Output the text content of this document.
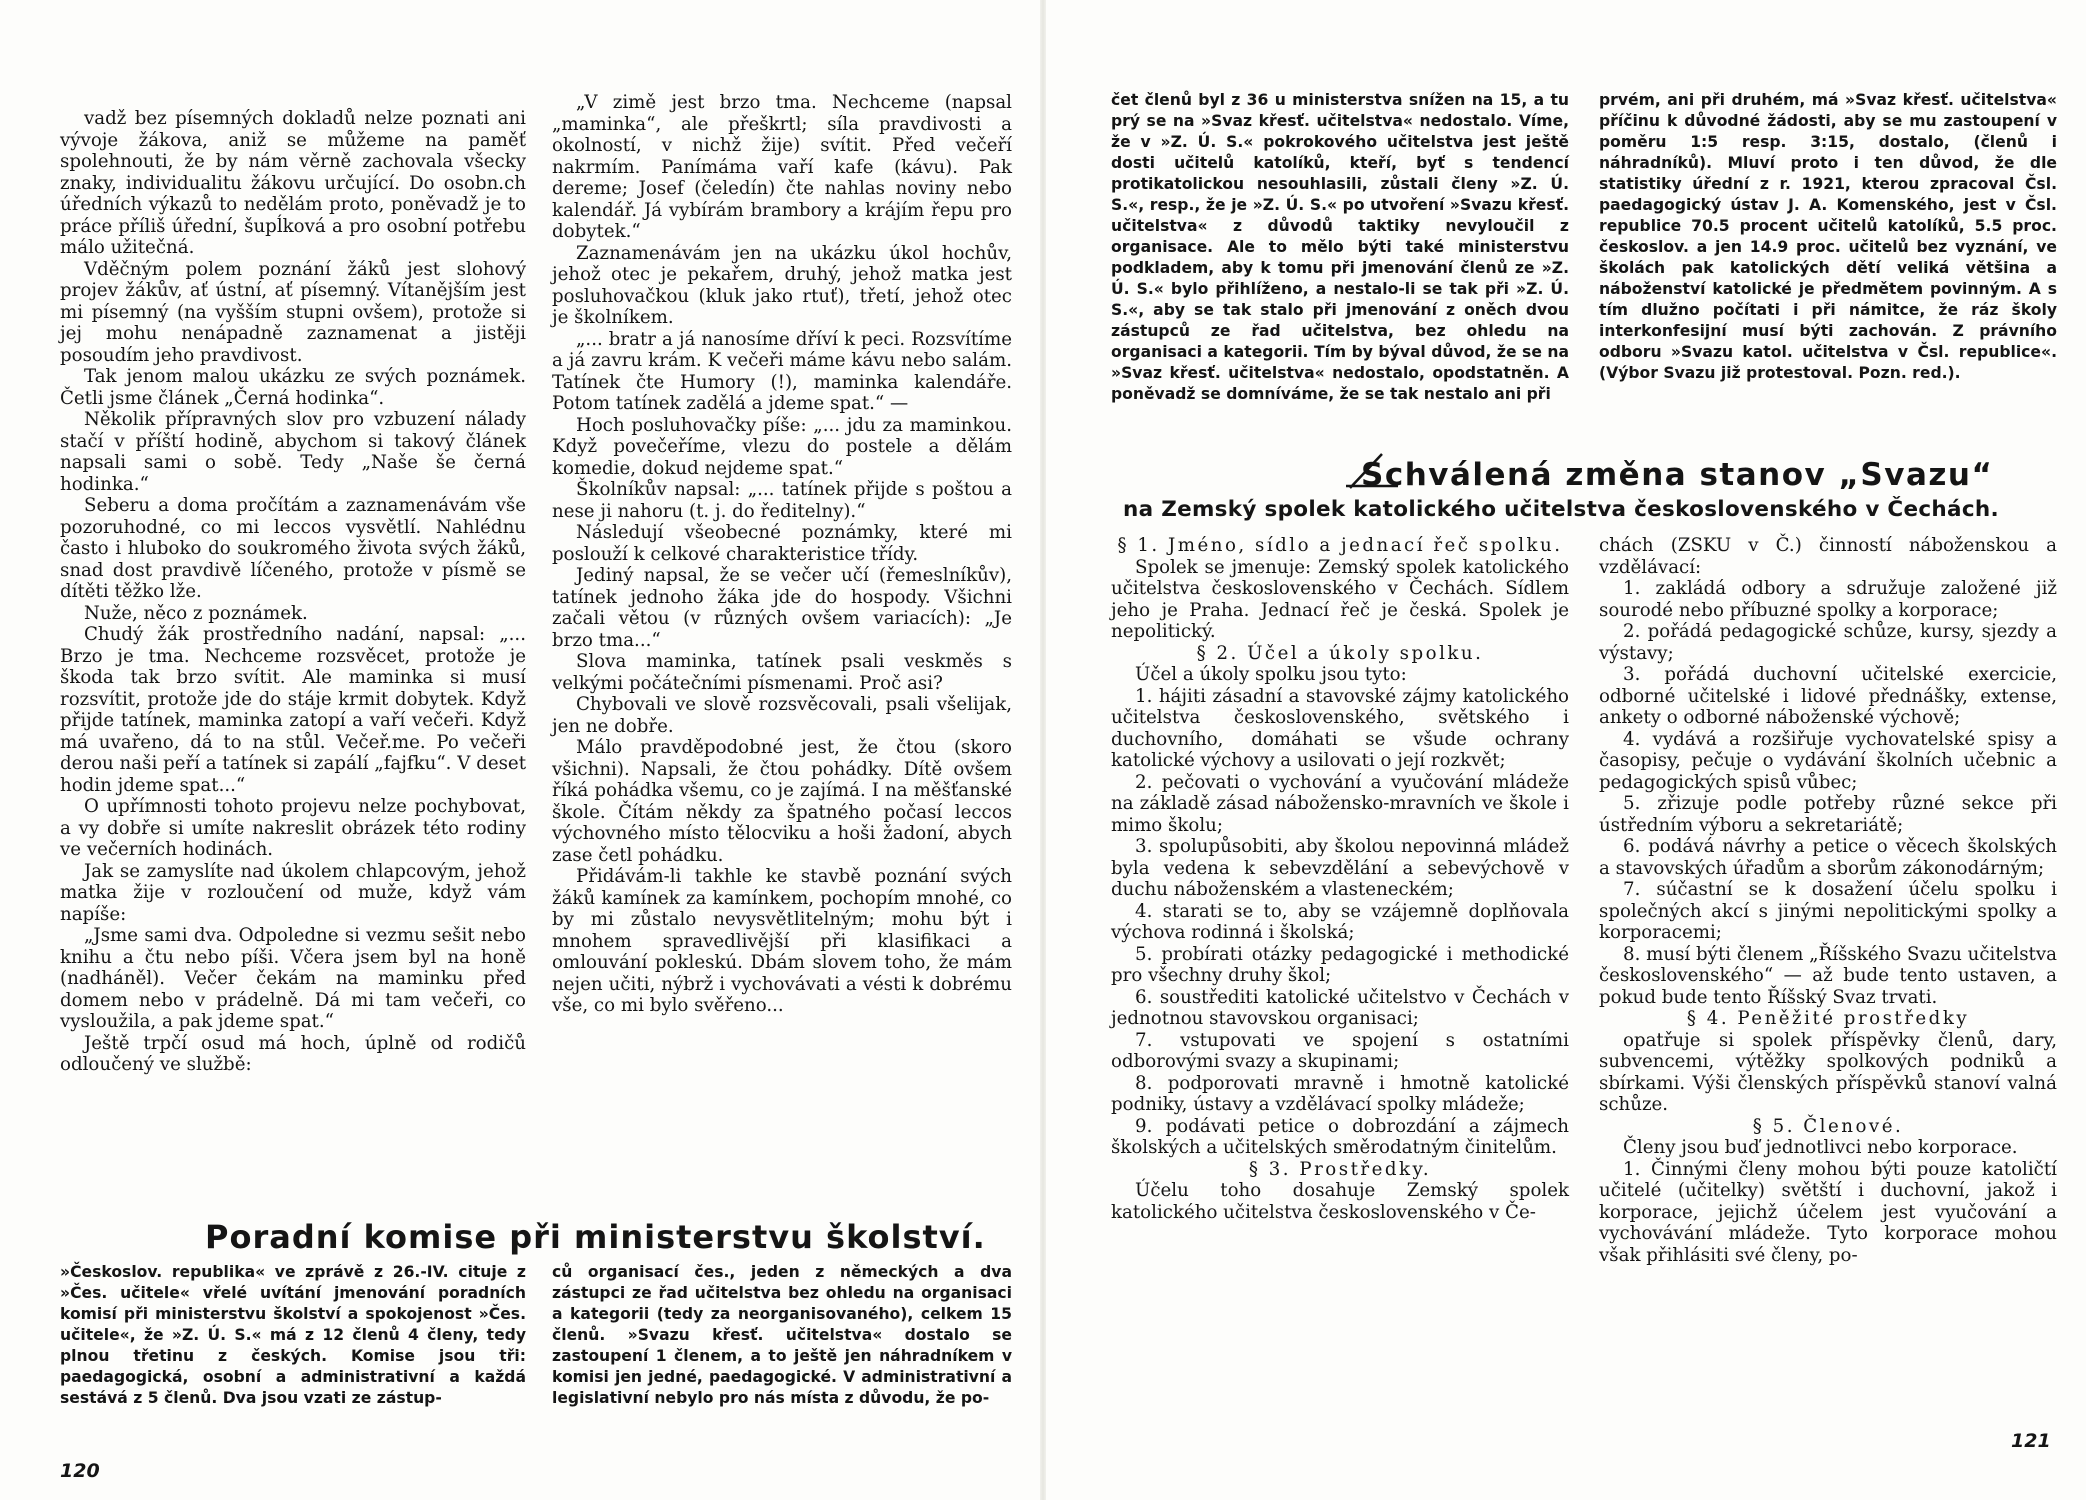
vadž bez písemných dokladů nelze poznati ani vývoje žákova, aniž se můžeme na paměť spolehnouti, že by nám věrně zachovala všecky znaky, individualitu žákovu určující. Do osobn.ch úředních výkazů to nedělám proto, poněvadž je to práce příliš úřední, šupĺková a pro osobní potřebu málo užitečná.

Vděčným polem poznání žáků jest slohový projev žákův, ať ústní, ať písemný. Vítanějším jest mi písemný (na vyšším stupni ovšem), protože si jej mohu nenápadně zaznamenat a jistěji posoudím jeho pravdivost.

Tak jenom malou ukázku ze svých poznámek. Četli jsme článek „Černá hodinka“.

Několik přípravných slov pro vzbuzení nálady stačí v příští hodině, abychom si takový článek napsali sami o sobě. Tedy „Naše še černá hodinka.“

Seberu a doma pročítám a zaznamenávám vše pozoruhodné, co mi leccos vysvětlí. Nahlédnu často i hluboko do soukromého života svých žáků, snad dost pravdivě líčeného, protože v písmě se dítěti těžko lže.

Nuže, něco z poznámek.

Chudý žák prostředního nadání, napsal: „... Brzo je tma. Nechceme rozsvěcet, protože je škoda tak brzo svítit. Ale maminka si musí rozsvítit, protože jde do stáje krmit dobytek. Když přijde tatínek, maminka zatopí a vaří večeři. Když má uvařeno, dá to na stůl. Večeř.me. Po večeři derou naši peří a tatínek si zapálí „fajfku“. V deset hodin jdeme spat...“

O upřímnosti tohoto projevu nelze pochybovat, a vy dobře si umíte nakreslit obrázek této rodiny ve večerních hodinách.

Jak se zamyslíte nad úkolem chlapcovým, jehož matka žije v rozloučení od muže, když vám napíše:

„Jsme sami dva. Odpoledne si vezmu sešit nebo knihu a čtu nebo píši. Včera jsem byl na honě (nadháněl). Večer čekám na maminku před domem nebo v prádelně. Dá mi tam večeři, co vysloužila, a pak jdeme spat.“

Ještě trpčí osud má hoch, úplně od rodičů odloučený ve službě:

„V zimě jest brzo tma. Nechceme (napsal „maminka“, ale přeškrtl; síla pravdivosti a okolností, v nichž žije) svítit. Před večeří nakrmím. Panímáma vaří kafe (kávu). Pak dereme; Josef (čeledín) čte nahlas noviny nebo kalendář. Já vybírám brambory a krájím řepu pro dobytek.“

Zaznamenávám jen na ukázku úkol hochův, jehož otec je pekařem, druhý, jehož matka jest posluhovačkou (kluk jako rtuť), třetí, jehož otec je školníkem.

„... bratr a já nanosíme dříví k peci. Rozsvítíme a já zavru krám. K večeři máme kávu nebo salám. Tatínek čte Humory (!), maminka kalendáře. Potom tatínek zadělá a jdeme spat.“ —

Hoch posluhovačky píše: „... jdu za maminkou. Když povečeříme, vlezu do postele a dělám komedie, dokud nejdeme spat.“

Školníkův napsal: „... tatínek přijde s poštou a nese ji nahoru (t. j. do ředitelny).“

Následují všeobecné poznámky, které mi poslouží k celkové charakteristice třídy.

Jediný napsal, že se večer učí (řemeslníkův), tatínek jednoho žáka jde do hospody. Všichni začali větou (v různých ovšem variacích): „Je brzo tma...“

Slova maminka, tatínek psali veskměs s velkými počátečními písmenami. Proč asi?

Chybovali ve slově rozsvěcovali, psali všelijak, jen ne dobře.

Málo pravděpodobné jest, že čtou (skoro všichni). Napsali, že čtou pohádky. Dítě ovšem říká pohádka všemu, co je zajímá. I na měšťanské škole. Čítám někdy za špatného počasí leccos výchovného místo tělocviku a hoši žadoní, abych zase četl pohádku.

Přidávám-li takhle ke stavbě poznání svých žáků kamínek za kamínkem, pochopím mnohé, co by mi zůstalo nevysvětlitelným; mohu být i mnohem spravedlivější při klasifikaci a omlouvání pokleskú. Dbám slovem toho, že mám nejen učiti, nýbrž i vychovávati a vésti k dobrému vše, co mi bylo svěřeno...

Poradní komise při ministerstvu školství.
»Českoslov. republika« ve zprávě z 26.-IV. cituje z »Čes. učitele« vřelé uvítání jmenování poradních komisí při ministerstvu školství a spokojenost »Čes. učitele«, že »Z. Ú. S.« má z 12 členů 4 členy, tedy plnou třetinu z českých. Komise jsou tři: paedagogická, osobní a administrativní a každá sestává z 5 členů. Dva jsou vzati ze zástup-
ců organisací čes., jeden z německých a dva zástupci ze řad učitelstva bez ohledu na organisaci a kategorii (tedy za neorganisovaného), celkem 15 členů. »Svazu křesť. učitelstva« dostalo se zastoupení 1 členem, a to ještě jen náhradníkem v komisi jen jedné, paedagogické. V administrativní a legislativní nebylo pro nás místa z důvodu, že po-
120
čet členů byl z 36 u ministerstva snížen na 15, a tu prý se na »Svaz křesť. učitelstva« nedostalo. Víme, že v »Z. Ú. S.« pokrokového učitelstva jest ještě dosti učitelů katolíků, kteří, byť s tendencí protikatolickou nesouhlasili, zůstali členy »Z. Ú. S.«, resp., že je »Z. Ú. S.« po utvoření »Svazu křesť. učitelstva« z důvodů taktiky nevyloučil z organisace. Ale to mělo býti také ministerstvu podkladem, aby k tomu při jmenování členů ze »Z. Ú. S.« bylo přihlíženo, a nestalo-li se tak při »Z. Ú. S.«, aby se tak stalo při jmenování z oněch dvou zástupců ze řad učitelstva, bez ohledu na organisaci a kategorii. Tím by býval důvod, že se na »Svaz křesť. učitelstva« nedostalo, opodstatněn. A poněvadž se domníváme, že se tak nestalo ani při
prvém, ani při druhém, má »Svaz křesť. učitelstva« příčinu k důvodné žádosti, aby se mu zastoupení v poměru 1:5 resp. 3:15, dostalo, (členů i náhradníků). Mluví proto i ten důvod, že dle statistiky úřední z r. 1921, kterou zpracoval Čsl. paedagogický ústav J. A. Komenského, jest v Čsl. republice 70.5 procent učitelů katolíků, 5.5 proc. českoslov. a jen 14.9 proc. učitelů bez vyznání, ve školách pak katolických dětí veliká většina a náboženství katolické je předmětem povinným. A s tím dlužno počítati i při námitce, že ráz školy interkonfesijní musí býti zachován. Z právního odboru »Svazu katol. učitelstva v Čsl. republice«. (Výbor Svazu již protestoval. Pozn. red.).
Schválená změna stanov „Svazu“
na Zemský spolek katolického učitelstva československého v Čechách.

§ 1. Jméno, sídlo a jednací řeč spolku.

Spolek se jmenuje: Zemský spolek katolického učitelstva československého v Čechách. Sídlem jeho je Praha. Jednací řeč je česká. Spolek je nepolitický.

§ 2. Účel a úkoly spolku.

Účel a úkoly spolku jsou tyto:

1. hájiti zásadní a stavovské zájmy katolického učitelstva československého, světského i duchovního, domáhati se všude ochrany katolické výchovy a usilovati o její rozkvět;

2. pečovati o vychování a vyučování mládeže na základě zásad nábožensko-mravních ve škole i mimo školu;

3. spolupůsobiti, aby školou nepovinná mládež byla vedena k sebevzdělání a sebevýchově v duchu náboženském a vlasteneckém;

4. starati se to, aby se vzájemně doplňovala výchova rodinná i školská;

5. probírati otázky pedagogické i methodické pro všechny druhy škol;

6. soustřediti katolické učitelstvo v Čechách v jednotnou stavovskou organisaci;

7. vstupovati ve spojení s ostatními odborovými svazy a skupinami;

8. podporovati mravně i hmotně katolické podniky, ústavy a vzdělávací spolky mládeže;

9. podávati petice o dobrozdání a zájmech školských a učitelských směrodatným činitelům.

§ 3. Prostředky.

Účelu toho dosahuje Zemský spolek katolického učitelstva československého v Če-

chách (ZSKU v Č.) činností náboženskou a vzdělávací:

1. zakládá odbory a sdružuje založené již sourodé nebo příbuzné spolky a korporace;

2. pořádá pedagogické schůze, kursy, sjezdy a výstavy;

3. pořádá duchovní učitelské exercicie, odborné učitelské i lidové přednášky, extense, ankety o odborné náboženské výchově;

4. vydává a rozšiřuje vychovatelské spisy a časopisy, pečuje o vydávání školních učebnic a pedagogických spisů vůbec;

5. zřizuje podle potřeby různé sekce při ústředním výboru a sekretariátě;

6. podává návrhy a petice o věcech školských a stavovských úřadům a sborům zákonodárným;

7. súčastní se k dosažení účelu spolku i společných akcí s jinými nepolitickými spolky a korporacemi;

8. musí býti členem „Říšského Svazu učitelstva československého“ — až bude tento ustaven, a pokud bude tento Říšský Svaz trvati.

§ 4. Peněžité prostředky

opatřuje si spolek příspěvky členů, dary, subvencemi, výtěžky spolkových podniků a sbírkami. Výši členských příspěvků stanoví valná schůze.

§ 5. Členové.

Členy jsou buď jednotlivci nebo korporace.

1. Činnými členy mohou býti pouze katoličtí učitelé (učitelky) světští i duchovní, jakož i korporace, jejichž účelem jest vyučování a vychovávání mládeže. Tyto korporace mohou však přihlásiti své členy, po-

121
